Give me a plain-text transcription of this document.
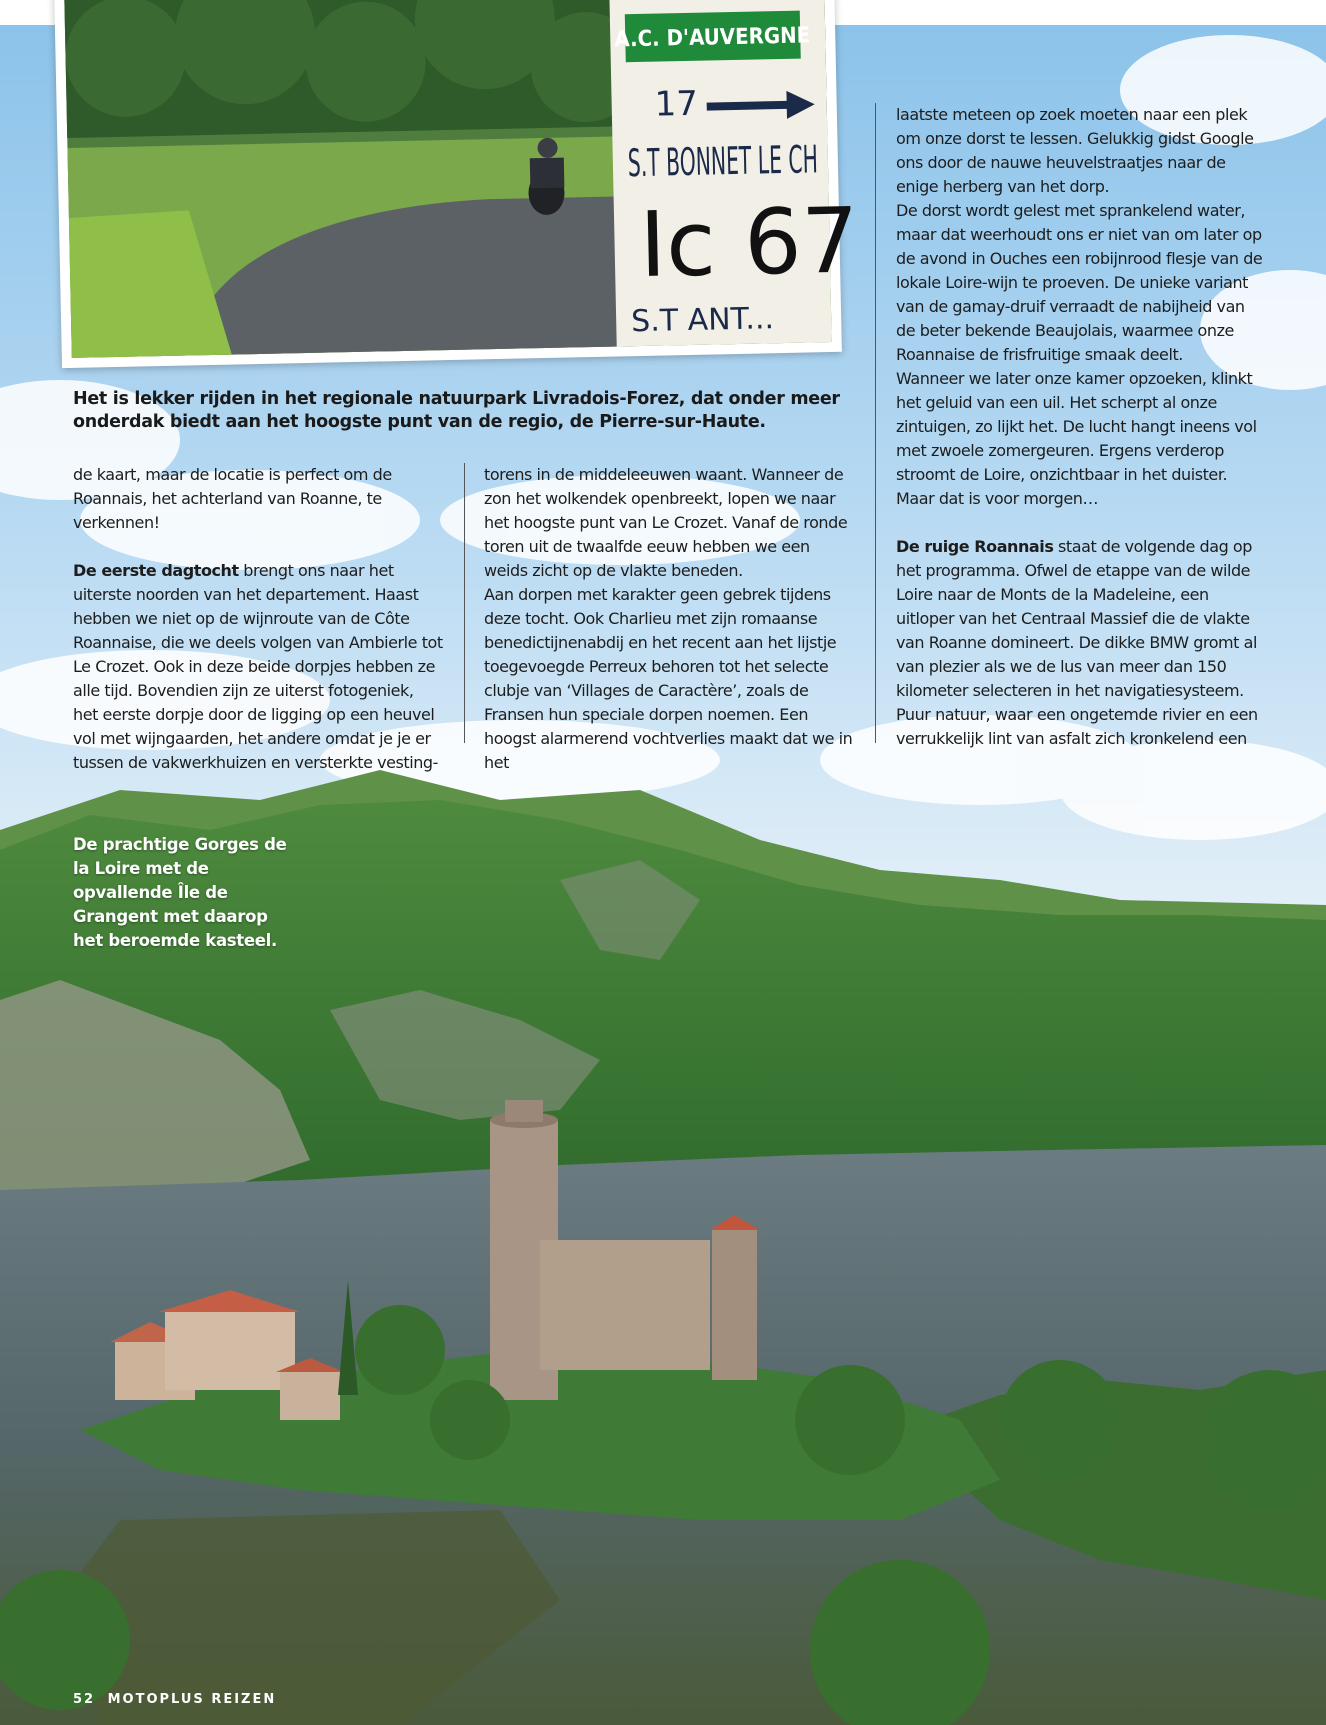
A.C. D'AUVERGNE
17
S.T BONNET LE CH
Ic 67
S.T ANT...
Het is lekker rijden in het regionale natuurpark Livradois-Forez, dat onder meer onderdak biedt aan het hoogste punt van de regio, de Pierre-sur-Haute.

de kaart, maar de locatie is perfect om de Roannais, het achterland van Roanne, te verkennen!

De eerste dagtocht brengt ons naar het uiterste noorden van het departement. Haast hebben we niet op de wijnroute van de Côte Roannaise, die we deels volgen van Ambierle tot Le Crozet. Ook in deze beide dorpjes hebben ze alle tijd. Bovendien zijn ze uiterst fotogeniek, het eerste dorpje door de ligging op een heuvel vol met wijngaarden, het andere omdat je je er tussen de vakwerkhuizen en versterkte vesting-

torens in de middeleeuwen waant. Wanneer de zon het wolkendek openbreekt, lopen we naar het hoogste punt van Le Crozet. Vanaf de ronde toren uit de twaalfde eeuw hebben we een weids zicht op de vlakte beneden.

Aan dorpen met karakter geen gebrek tijdens deze tocht. Ook Charlieu met zijn romaanse benedictijnenabdij en het recent aan het lijstje toegevoegde Perreux behoren tot het selecte clubje van ‘Villages de Caractère’, zoals de Fransen hun speciale dorpen noemen. Een hoogst alarmerend vochtverlies maakt dat we in het

laatste meteen op zoek moeten naar een plek om onze dorst te lessen. Gelukkig gidst Google ons door de nauwe heuvelstraatjes naar de enige herberg van het dorp.

De dorst wordt gelest met sprankelend water, maar dat weerhoudt ons er niet van om later op de avond in Ouches een robijnrood flesje van de lokale Loire-wijn te proeven. De unieke variant van de gamay-druif verraadt de nabijheid van de beter bekende Beaujolais, waarmee onze Roannaise de frisfruitige smaak deelt.

Wanneer we later onze kamer opzoeken, klinkt het geluid van een uil. Het scherpt al onze zintuigen, zo lijkt het. De lucht hangt ineens vol met zwoele zomergeuren. Ergens verderop stroomt de Loire, onzichtbaar in het duister. Maar dat is voor morgen…

De ruige Roannais staat de volgende dag op het programma. Ofwel de etappe van de wilde Loire naar de Monts de la Madeleine, een uitloper van het Centraal Massief die de vlakte van Roanne domineert. De dikke BMW gromt al van plezier als we de lus van meer dan 150 kilometer selecteren in het navigatiesysteem. Puur natuur, waar een ongetemde rivier en een verrukkelijk lint van asfalt zich kronkelend een

De prachtige Gorges de la Loire met de opvallende Île de Grangent met daarop het beroemde kasteel.
52 MOTOPLUS REIZEN
